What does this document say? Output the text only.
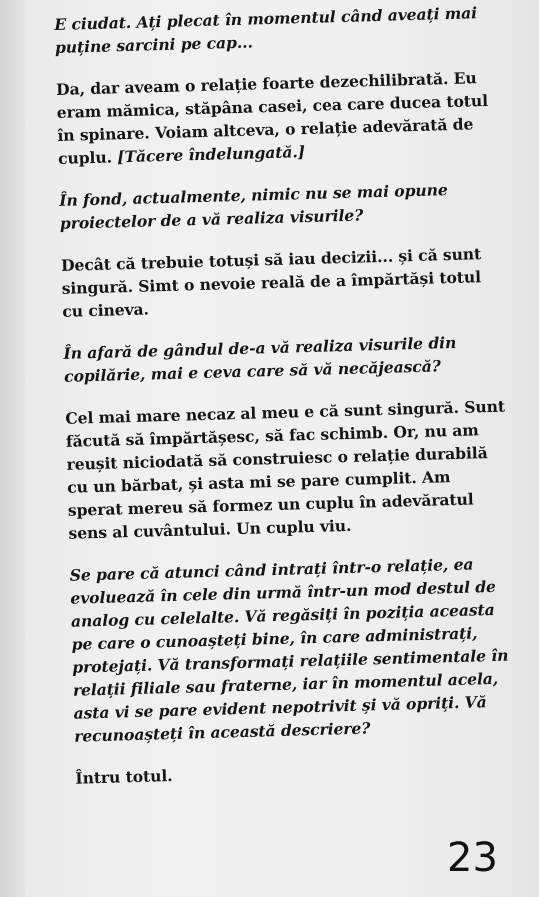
E ciudat. Ați plecat în momentul când aveați mai puține sarcini pe cap...

Da, dar aveam o relație foarte dezechilibrată. Eu eram mămica, stăpâna casei, cea care ducea totul în spinare. Voiam altceva, o relație adevărată de cuplu. [Tăcere îndelungată.]

În fond, actualmente, nimic nu se mai opune proiectelor de a vă realiza visurile?

Decât că trebuie totuși să iau decizii... și că sunt singură. Simt o nevoie reală de a împărtăși totul cu cineva.

În afară de gândul de-a vă realiza visurile din copilărie, mai e ceva care să vă necăjească?

Cel mai mare necaz al meu e că sunt singură. Sunt făcută să împărtășesc, să fac schimb. Or, nu am reușit niciodată să construiesc o relație durabilă cu un bărbat, și asta mi se pare cumplit. Am sperat mereu să formez un cuplu în adevăratul sens al cuvântului. Un cuplu viu.

Se pare că atunci când intrați într-o relație, ea evoluează în cele din urmă într-un mod destul de analog cu celelalte. Vă regăsiți în poziția aceasta pe care o cunoașteți bine, în care administrați, protejați. Vă transformați relațiile sentimentale în relații filiale sau fraterne, iar în momentul acela, asta vi se pare evident nepotrivit și vă opriți. Vă recunoașteți în această descriere?

Întru totul.

23
